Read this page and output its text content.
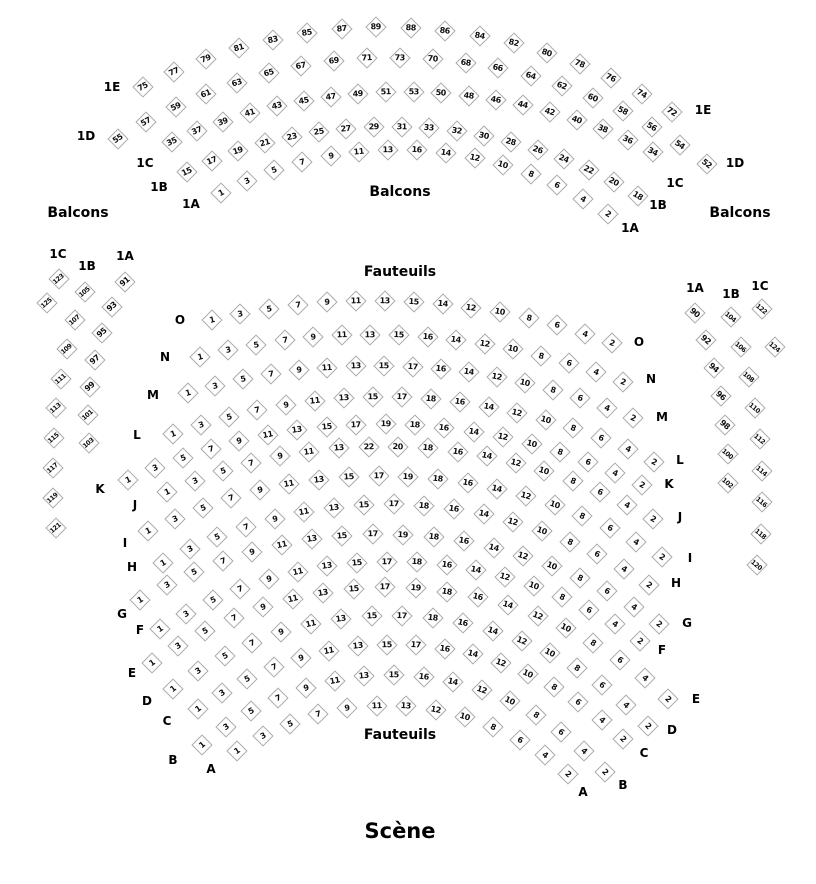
Balcons
Balcons
Balcons
Fauteuils
Fauteuils
Scène
1
3
5
7
9	11 13 16 14 12
10
8
6
4
2
1A
1A
15
17
19
21
23 25 27 29 31 33 32 30
28
26
24
22
20
18
1B
1B
35
37
39
41
43
45 47 49 51 53 50 48 46 44
42
40
38
36
34
1C
1C
55
57
59
61
63
65
67	69	71	73	70	68
66
64
62
60
58
56
54
52
1D
1D
75
77
79
81
83
85	87	89	88	86	84
82
80
78
76
74
72
1E
1E
91
93
95
97
99
101
103
1A
105
107
109
111
113
115
117
119
121
1B
123
125
1C
90
92
94
96
98
100
102
1A
104
106
108
110
112
114
116
118
120
1B
122
124
1C
1
3
5	7	9	11 13 15 14 12 10
8
6
4
2
O
O
1
3
5	7	9	11 13 15 16 14 12 10
8
6
4
2
N
N
1
3
5
7	9 11 13 15 17 16 14 12
10
8
6
4
2
M
M
1
3
5
7
9	11 13 15 17 18 16 14
12
10
8
6
4
2
L
L
1
3
5
7
9
11 13 15 17 19 18 16 14 12
10
8
6
4
2
K	K
1
3
5
7
9	11 13 22 20 18 16 14
12
10
8
6
4
2
J
J
1
3
5
7
9
11 13 15 17 19 18 16
14
12
10
8
6
4
2
I
I
1
3
5
7
9
11 13 15 17 18 16 14
12
10
8
6
4
2
H
H
1
3
5
7
9
11 13 15 17	19 18 16
14
12
10
8
6
4
2
G
G
1
3
5
7
9
11 13 15 17 18 16 14
12
10
8
6
4
2
F
F
1
3
5
7
9
11
13 15	17	19 18
16
14
12
10
8
6
4
2
E
E
1
3
5
7
9
11
13 15	17 18 16
14
12
10
8
6
4
2
D
D
1
3
5
7
9
11 13 15 17 16
14
12
10
8
6
4
2
C
C
1
3
5
7
9
11 13 15 16 14
12
10
8
6
4
2
B
B
1
3
5
7
9	11 13 12
10
8
6
4
2
A
A
